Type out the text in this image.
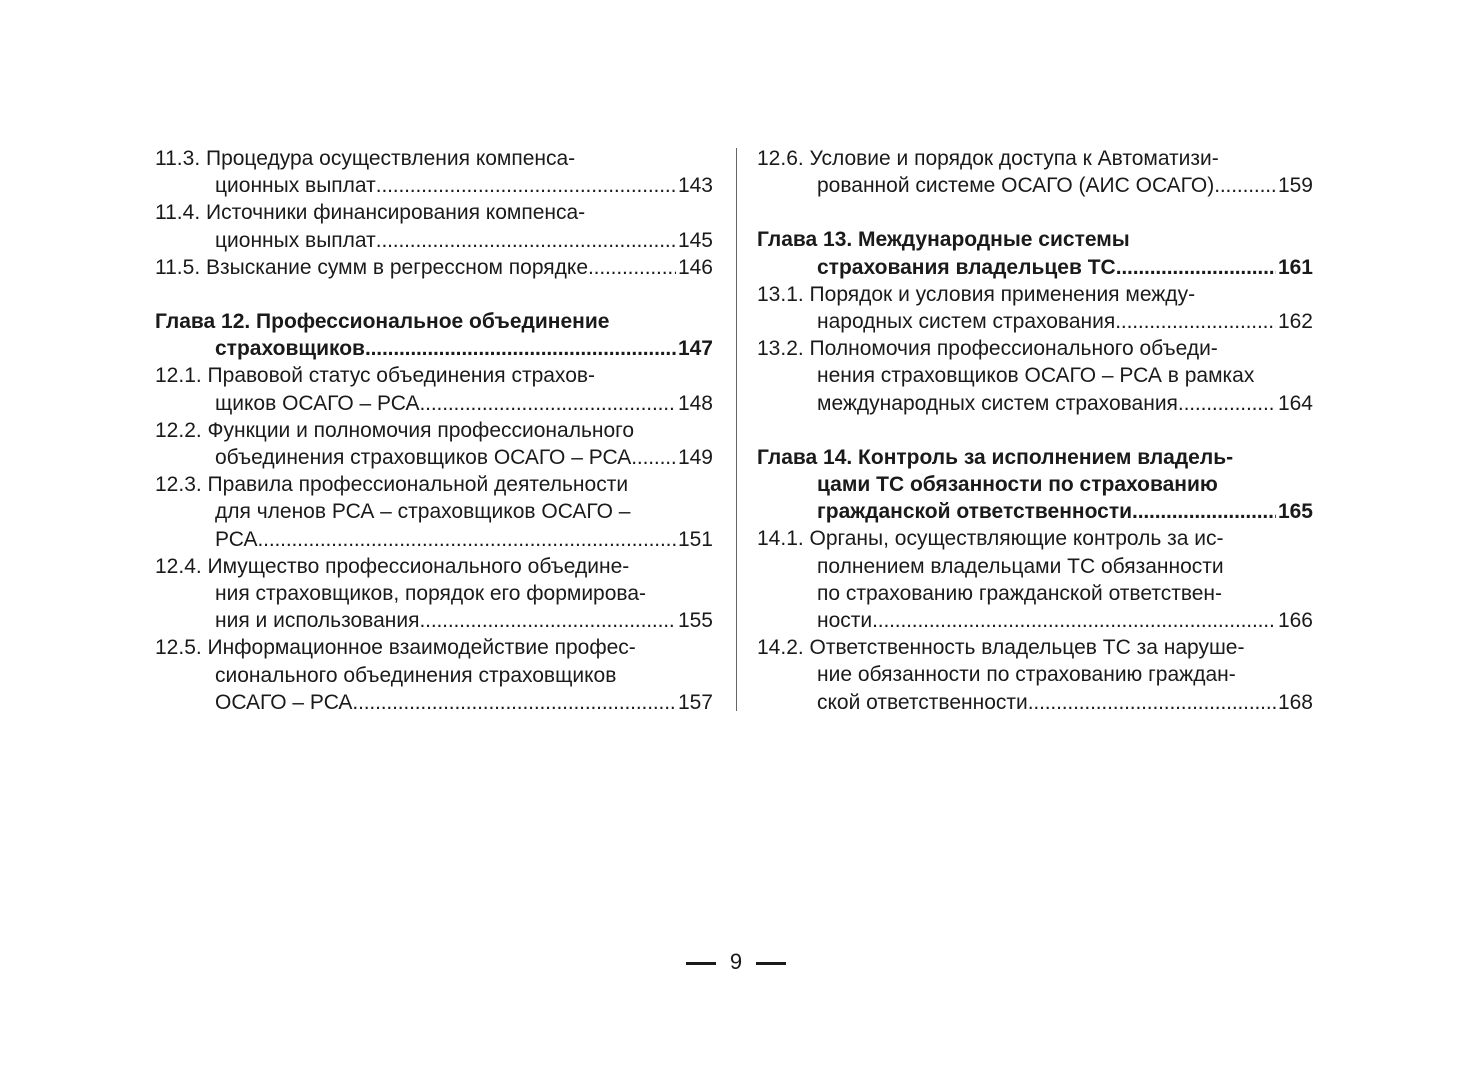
11.3. Процедура осуществления компенса-
ционных выплат . . .	143
11.4. Источники финансирования компенса-
ционных выплат . . .	145
11.5. Взыскание сумм в регрессном порядке . . .	146
Глава 12. Профессиональное объединение
страховщиков . . .	147
12.1. Правовой статус объединения страхов-
щиков ОСАГО – РСА . . .	148
12.2. Функции и полномочия профессионального
объединения страховщиков ОСАГО – РСА . . . 149
12.3. Правила профессиональной деятельности
для членов РСА – страховщиков ОСАГО –
РСА . . .	151
12.4. Имущество профессионального объедине-
ния страховщиков, порядок его формирова-
ния и использования . . .	155
12.5. Информационное взаимодействие профес-
сионального объединения страховщиков
ОСАГО – РСА . . .	157
12.6. Условие и порядок доступа к Автоматизи-
рованной системе ОСАГО (АИС ОСАГО) . . .	159
Глава 13. Международные системы
страхования владельцев ТС . . .	161
13.1. Порядок и условия применения между-
народных систем страхования . . .	162
13.2. Полномочия профессионального объеди-
нения страховщиков ОСАГО – РСА в рамках
международных систем страхования . . .	164
Глава 14. Контроль за исполнением владель-
цами ТС обязанности по страхованию
гражданской ответственности . . .	165
14.1. Органы, осуществляющие контроль за ис-
полнением владельцами ТС обязанности
по страхованию гражданской ответствен-
ности . . .	166
14.2. Ответственность владельцев ТС за наруше-
ние обязанности по страхованию граждан-
ской ответственности . . .	168
9
